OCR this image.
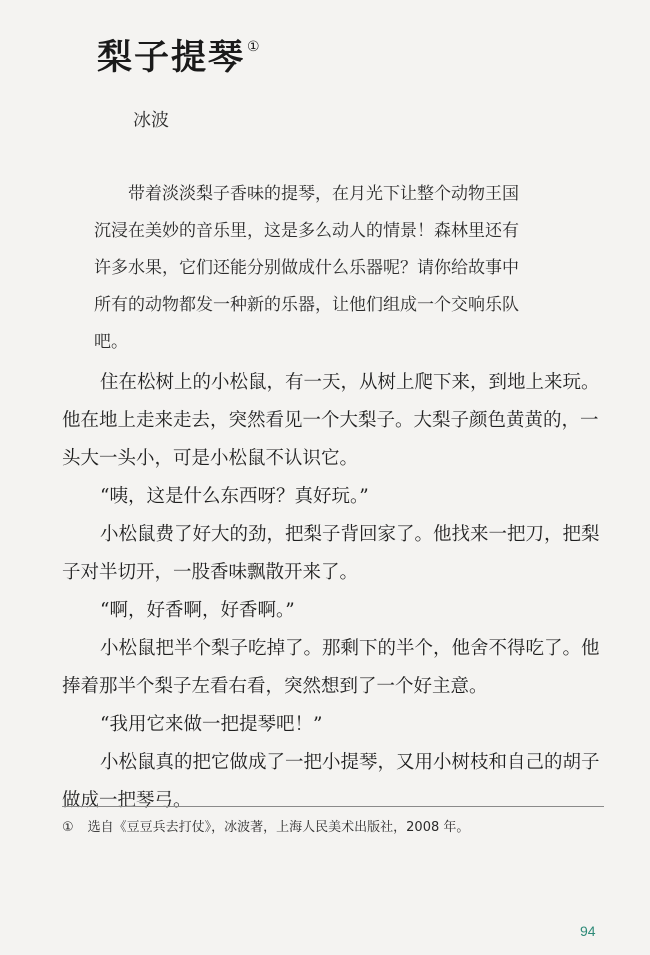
梨子提琴 ①
冰波

带着淡淡梨子香味的提琴，在月光下让整个动物王国沉浸在美妙的音乐里，这是多么动人的情景！森林里还有许多水果，它们还能分别做成什么乐器呢？请你给故事中所有的动物都发一种新的乐器，让他们组成一个交响乐队吧。

住在松树上的小松鼠，有一天，从树上爬下来，到地上来玩。他在地上走来走去，突然看见一个大梨子。大梨子颜色黄黄的，一头大一头小，可是小松鼠不认识它。

“咦，这是什么东西呀？真好玩。”

小松鼠费了好大的劲，把梨子背回家了。他找来一把刀，把梨子对半切开，一股香味飘散开来了。

“啊，好香啊，好香啊。”

小松鼠把半个梨子吃掉了。那剩下的半个，他舍不得吃了。他捧着那半个梨子左看右看，突然想到了一个好主意。

“我用它来做一把提琴吧！”

小松鼠真的把它做成了一把小提琴，又用小树枝和自己的胡子做成一把琴弓。

① 选自《豆豆兵去打仗》，冰波著，上海人民美术出版社，2008 年。
94
